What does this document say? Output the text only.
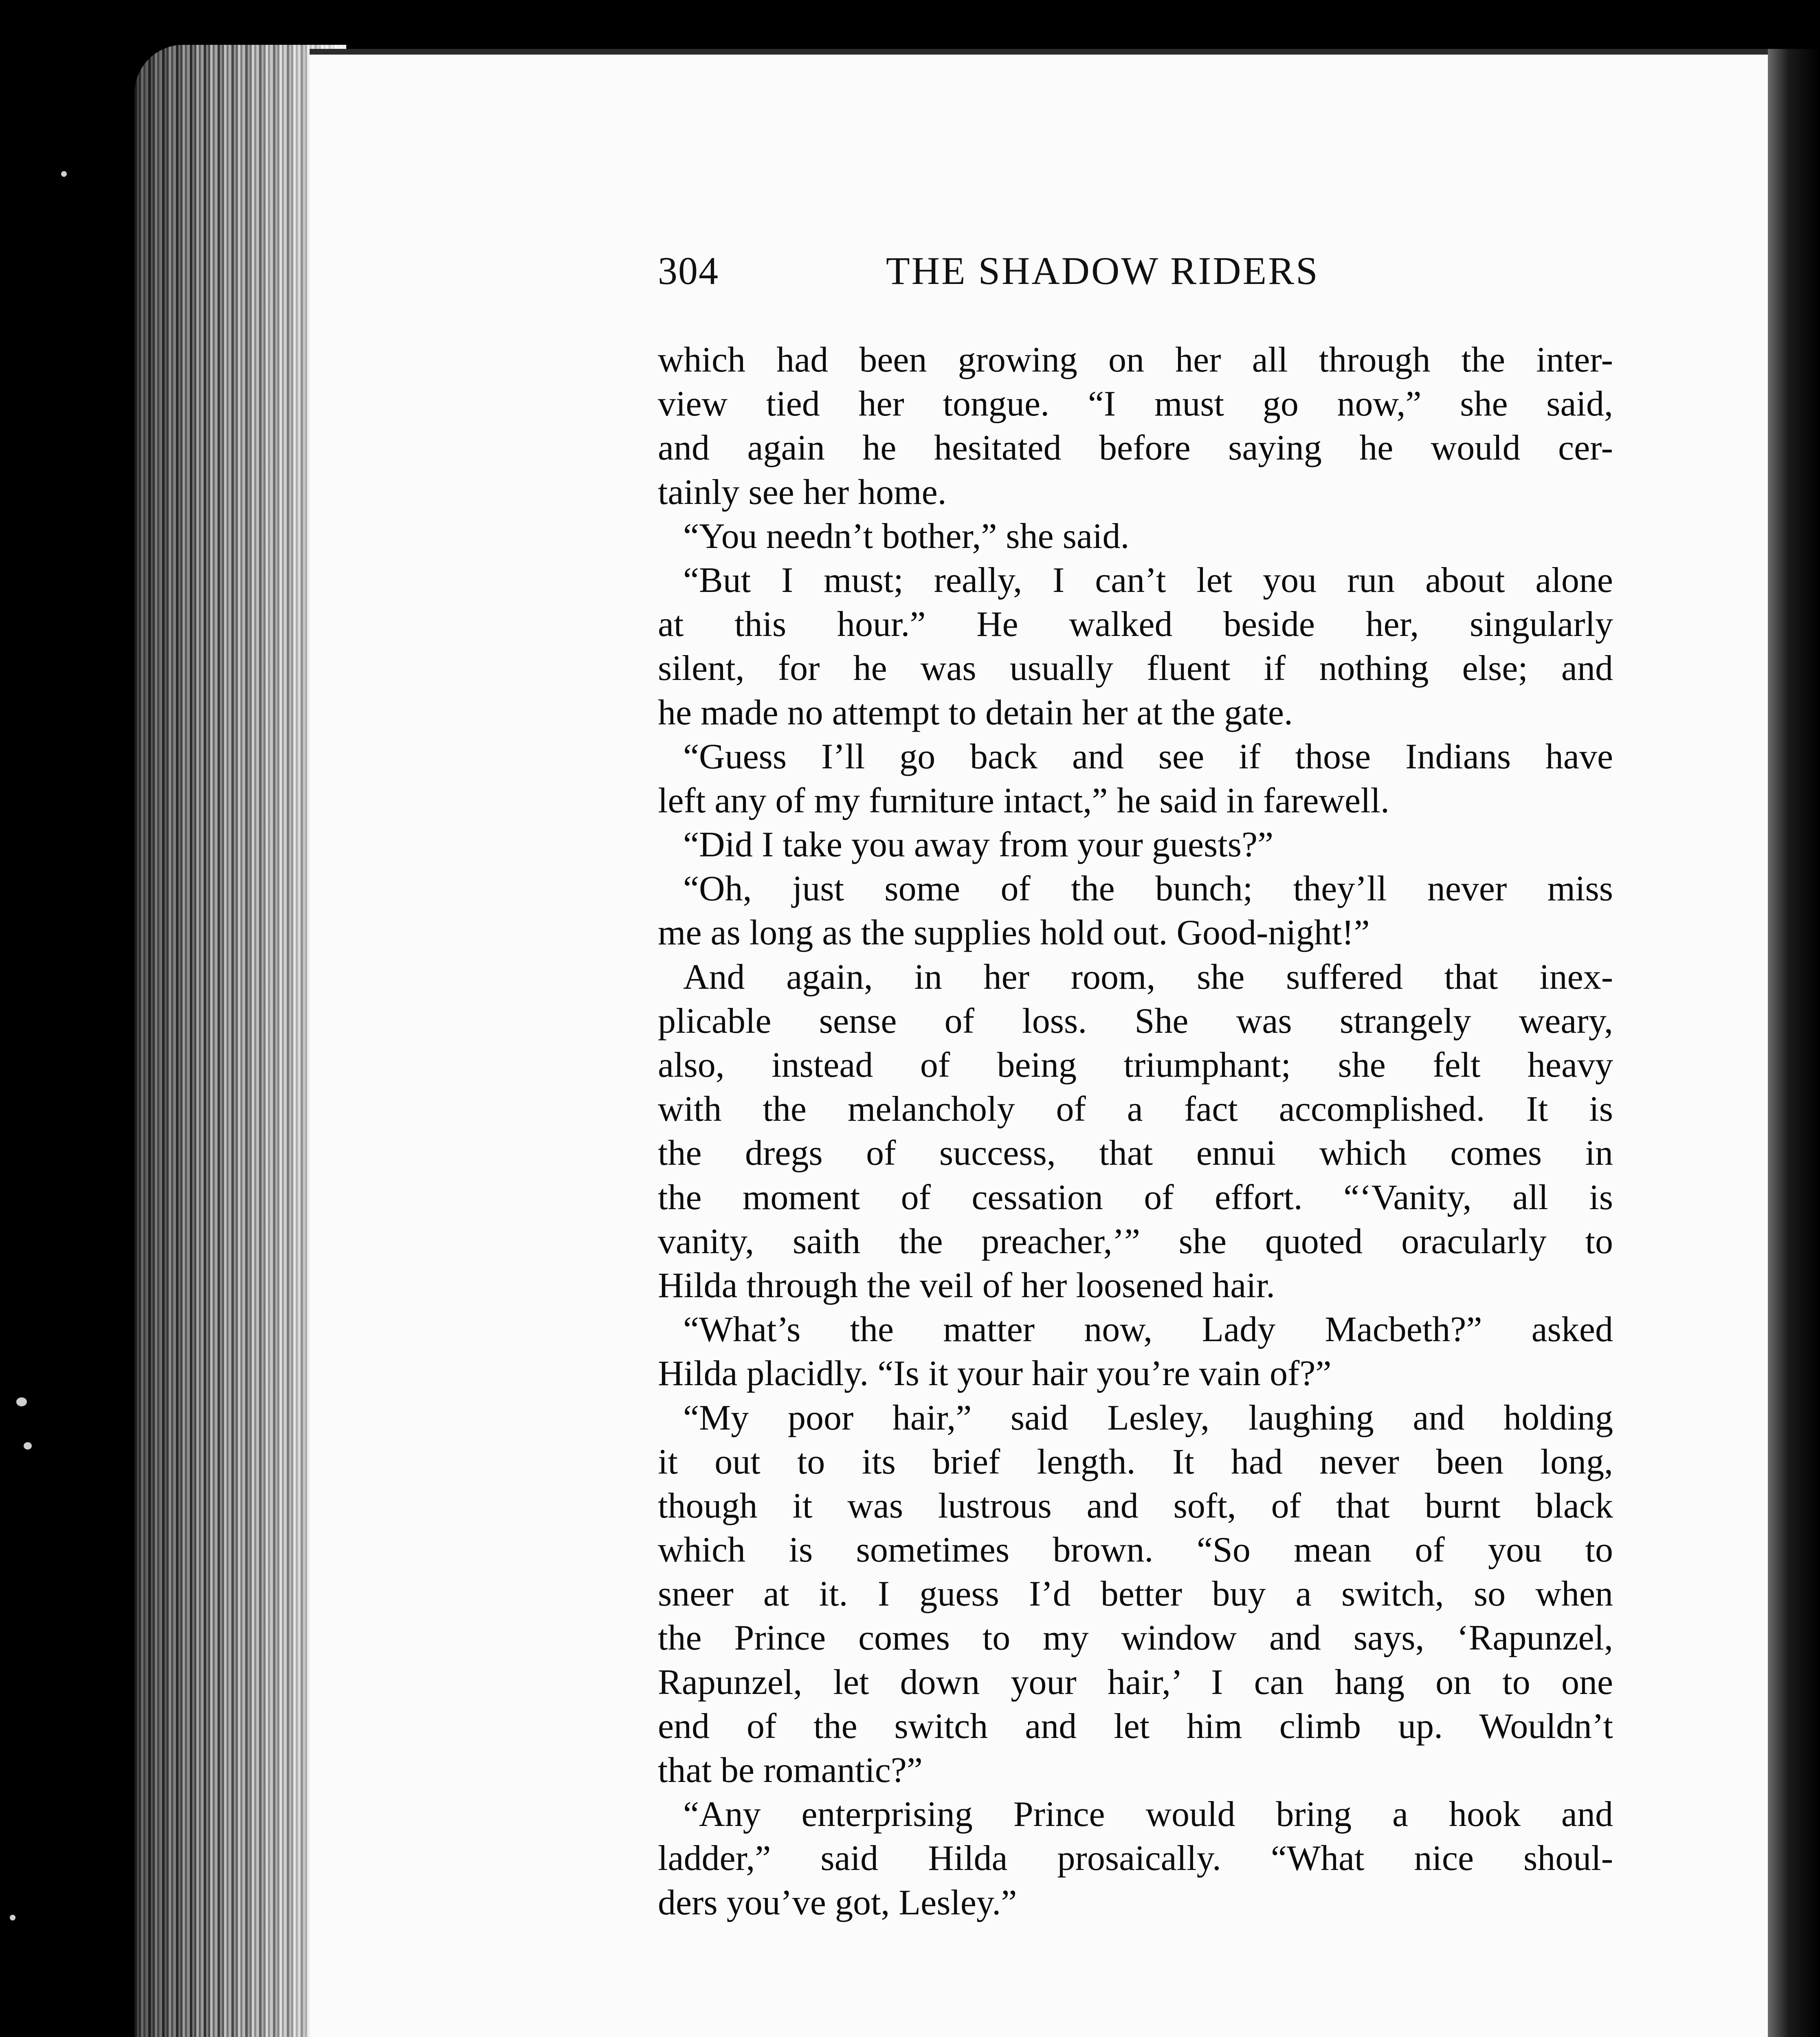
304	THE SHADOW RIDERS
which had been growing on her all through the inter-
view tied her tongue. “I must go now,” she said,
and again he hesitated before saying he would cer-
tainly see her home.
“You needn’t bother,” she said.
“But I must; really, I can’t let you run about alone
at this hour.” He walked beside her, singularly
silent, for he was usually fluent if nothing else; and
he made no attempt to detain her at the gate.
“Guess I’ll go back and see if those Indians have
left any of my furniture intact,” he said in farewell.
“Did I take you away from your guests?”
“Oh, just some of the bunch; they’ll never miss
me as long as the supplies hold out. Good-night!”
And again, in her room, she suffered that inex-
plicable sense of loss. She was strangely weary,
also, instead of being triumphant; she felt heavy
with the melancholy of a fact accomplished. It is
the dregs of success, that ennui which comes in
the moment of cessation of effort. “‘Vanity, all is
vanity, saith the preacher,’” she quoted oracularly to
Hilda through the veil of her loosened hair.
“What’s the matter now, Lady Macbeth?” asked
Hilda placidly. “Is it your hair you’re vain of?”
“My poor hair,” said Lesley, laughing and holding
it out to its brief length. It had never been long,
though it was lustrous and soft, of that burnt black
which is sometimes brown. “So mean of you to
sneer at it. I guess I’d better buy a switch, so when
the Prince comes to my window and says, ‘Rapunzel,
Rapunzel, let down your hair,’ I can hang on to one
end of the switch and let him climb up. Wouldn’t
that be romantic?”
“Any enterprising Prince would bring a hook and
ladder,” said Hilda prosaically. “What nice shoul-
ders you’ve got, Lesley.”
